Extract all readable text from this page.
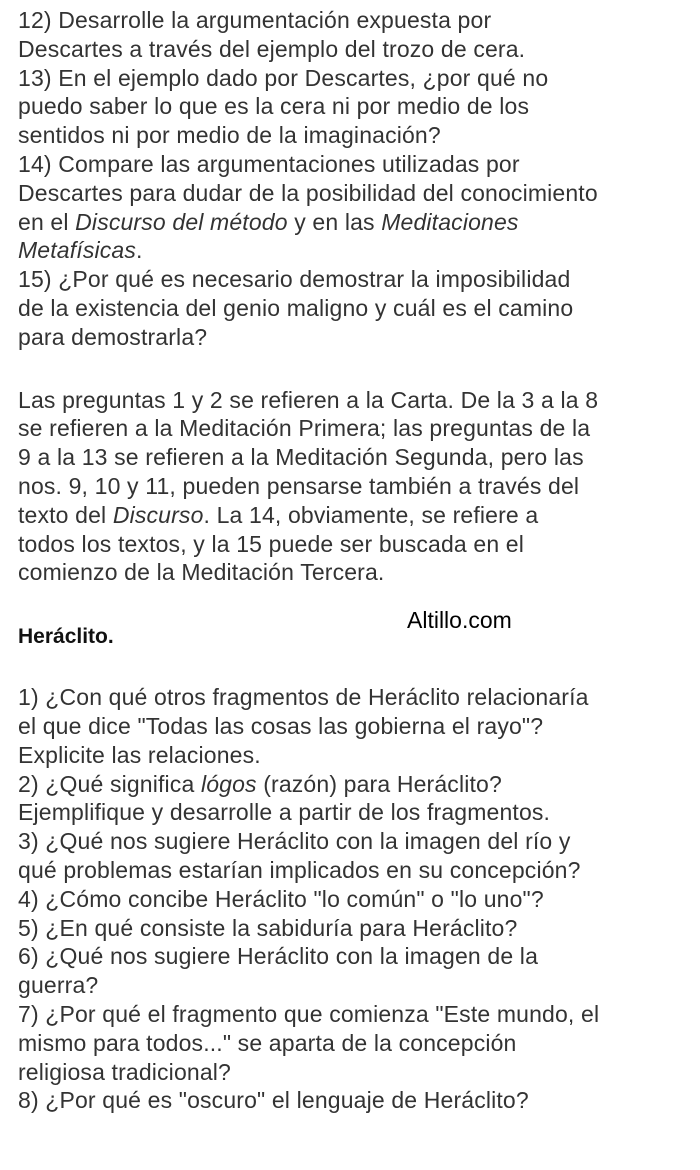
12) Desarrolle la argumentación expuesta por

Descartes a través del ejemplo del trozo de cera.

13) En el ejemplo dado por Descartes, ¿por qué no

puedo saber lo que es la cera ni por medio de los

sentidos ni por medio de la imaginación?

14) Compare las argumentaciones utilizadas por

Descartes para dudar de la posibilidad del conocimiento

en el Discurso del método y en las Meditaciones

Metafísicas.

15) ¿Por qué es necesario demostrar la imposibilidad

de la existencia del genio maligno y cuál es el camino

para demostrarla?

Las preguntas 1 y 2 se refieren a la Carta. De la 3 a la 8

se refieren a la Meditación Primera; las preguntas de la

9 a la 13 se refieren a la Meditación Segunda, pero las

nos. 9, 10 y 11, pueden pensarse también a través del

texto del Discurso. La 14, obviamente, se refiere a

todos los textos, y la 15 puede ser buscada en el

comienzo de la Meditación Tercera.

Heráclito.

Altillo.com

1) ¿Con qué otros fragmentos de Heráclito relacionaría

el que dice "Todas las cosas las gobierna el rayo"?

Explicite las relaciones.

2) ¿Qué significa lógos (razón) para Heráclito?

Ejemplifique y desarrolle a partir de los fragmentos.

3) ¿Qué nos sugiere Heráclito con la imagen del río y

qué problemas estarían implicados en su concepción?

4) ¿Cómo concibe Heráclito "lo común" o "lo uno"?

5) ¿En qué consiste la sabiduría para Heráclito?

6) ¿Qué nos sugiere Heráclito con la imagen de la

guerra?

7) ¿Por qué el fragmento que comienza "Este mundo, el

mismo para todos..." se aparta de la concepción

religiosa tradicional?

8) ¿Por qué es "oscuro" el lenguaje de Heráclito?
